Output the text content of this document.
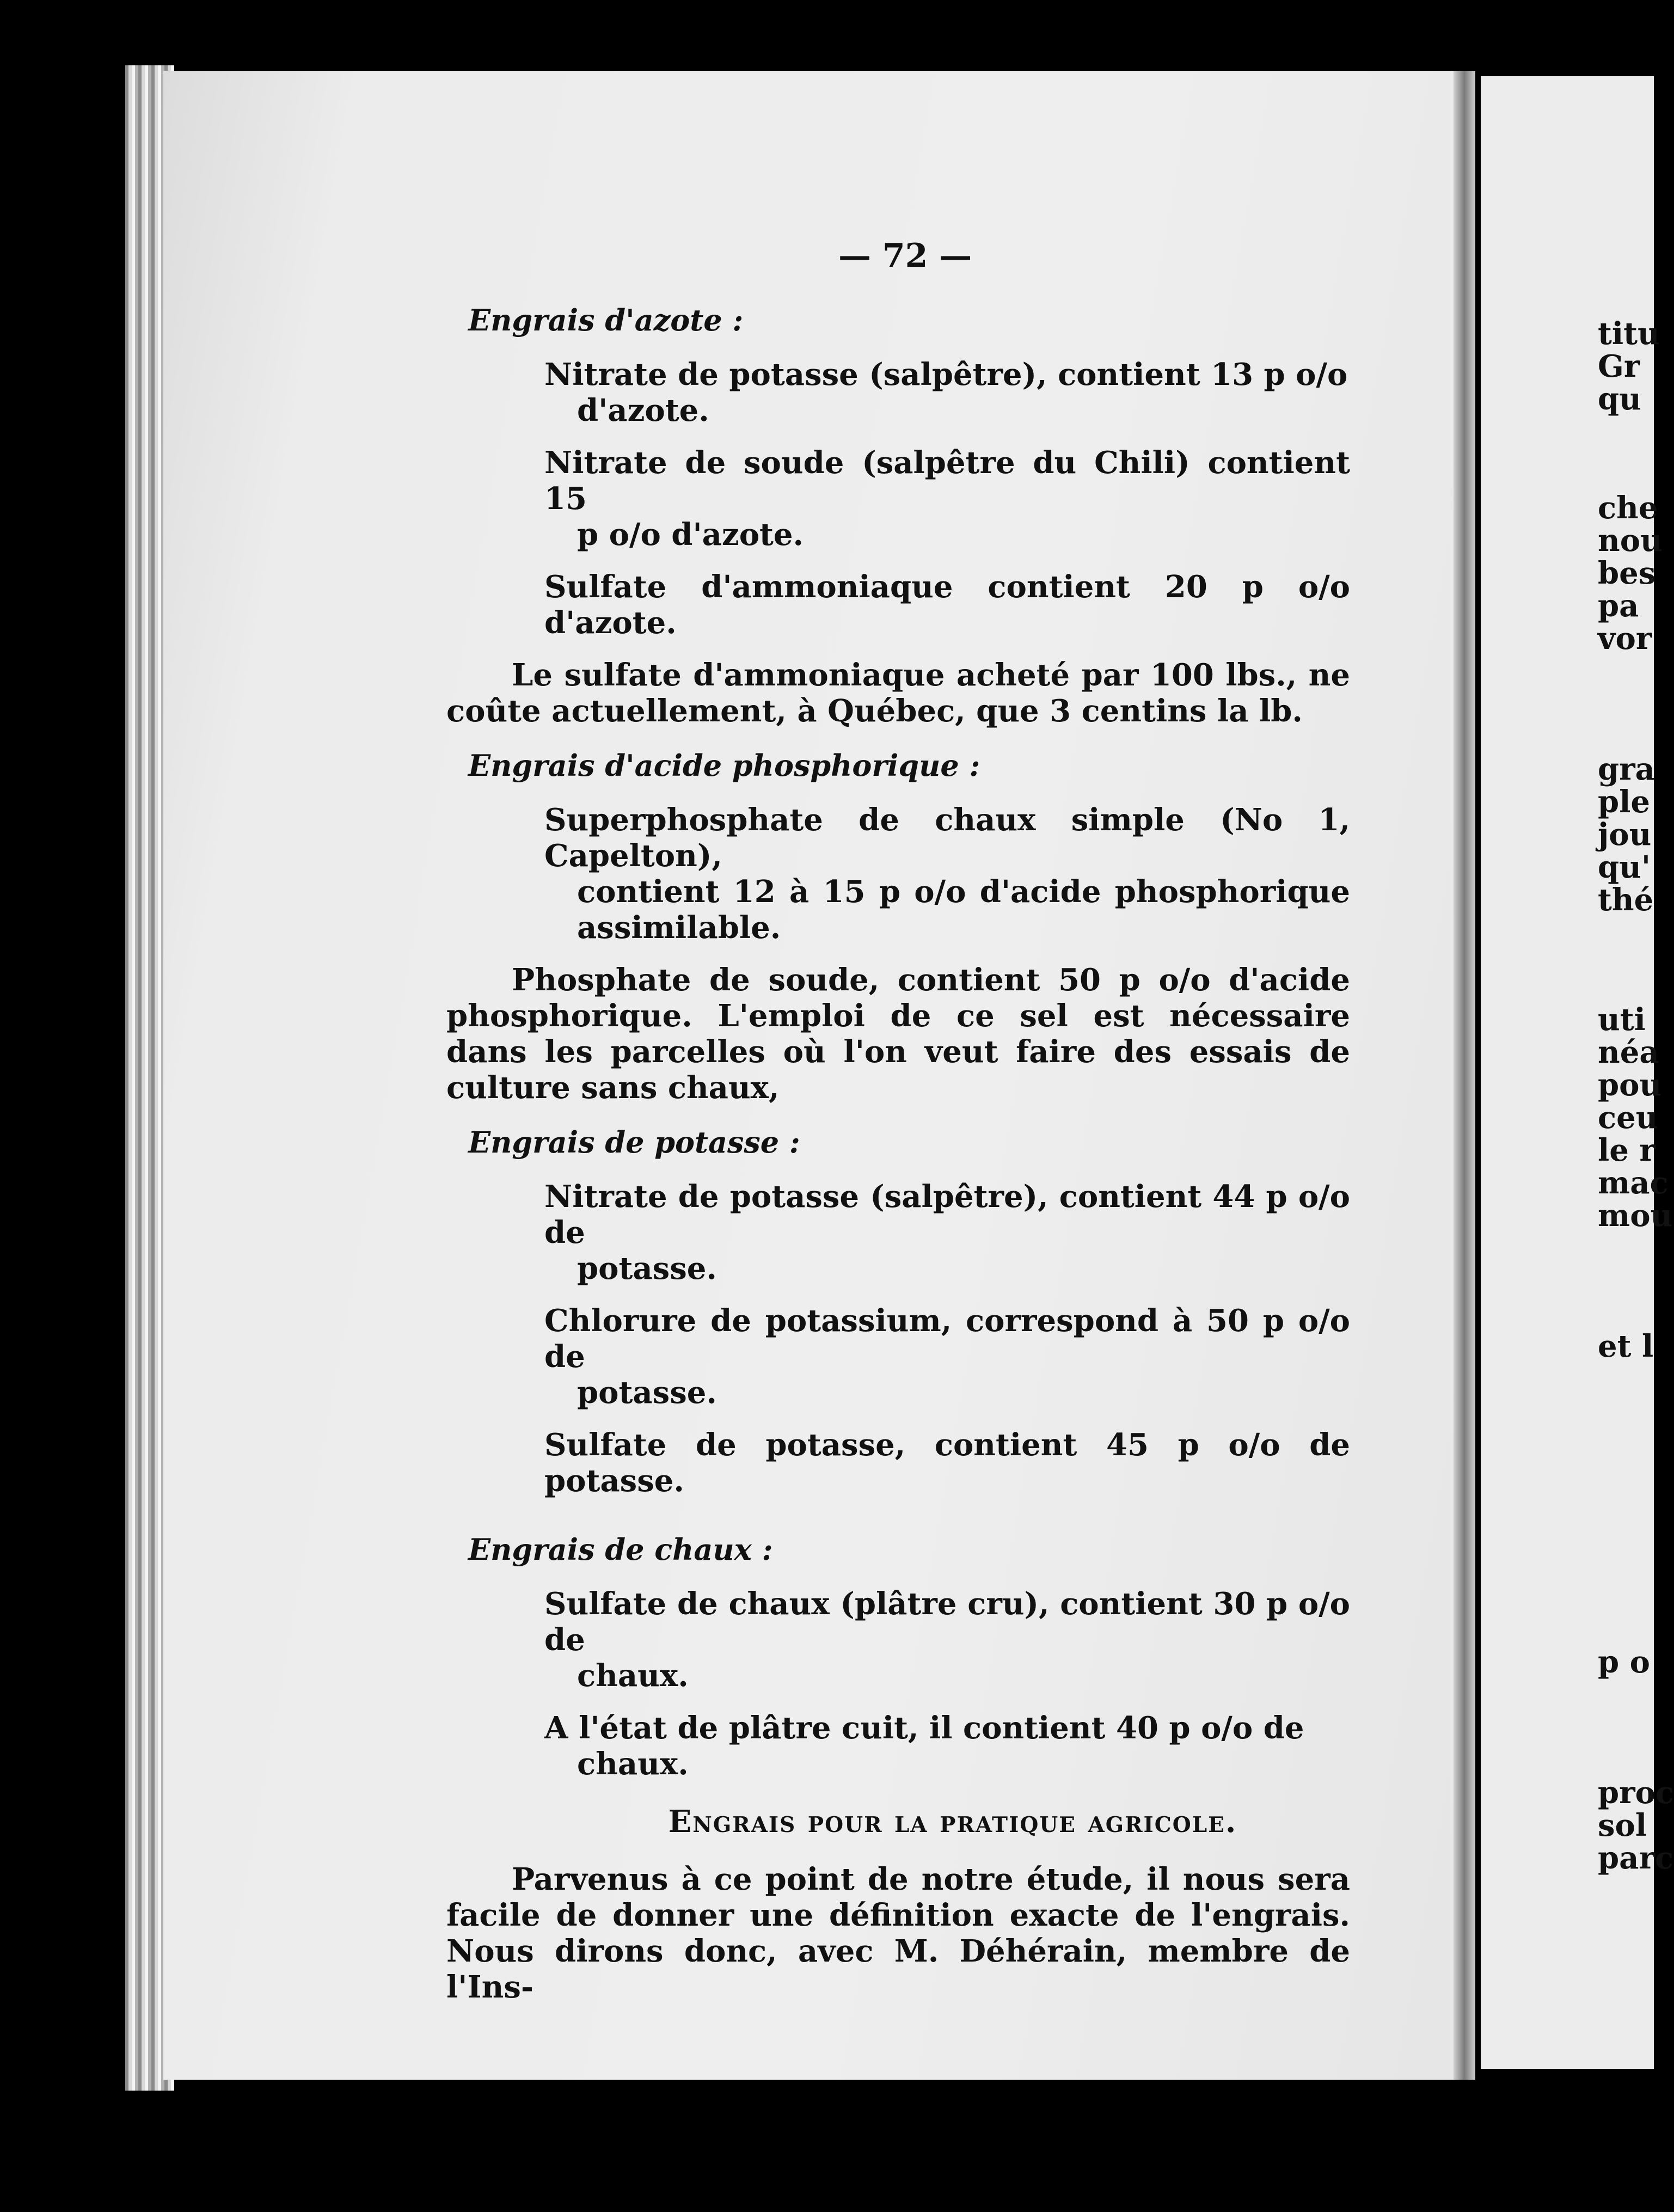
titu
Gr
qu
che
nou
bes
pa
vor
gra
ple
jou
qu'
thé
uti
néa
pou
ceu
le r
mac
mou
et l
p o
proc
sol
parc
— 72 —
Engrais d'azote :
Nitrate de potasse (salpêtre), contient 13 p o/o
d'azote.
Nitrate de soude (salpêtre du Chili) contient 15
p o/o d'azote.
Sulfate d'ammoniaque contient 20 p o/o d'azote.
Le sulfate d'ammoniaque acheté par 100 lbs., ne coûte actuellement, à Québec, que 3 centins la lb.
Engrais d'acide phosphorique :
Superphosphate de chaux simple (No 1, Capelton),
contient 12 à 15 p o/o d'acide phosphorique assimilable.
Phosphate de soude, contient 50 p o/o d'acide phosphorique. L'emploi de ce sel est nécessaire dans les parcelles où l'on veut faire des essais de culture sans chaux,
Engrais de potasse :
Nitrate de potasse (salpêtre), contient 44 p o/o de
potasse.
Chlorure de potassium, correspond à 50 p o/o de
potasse.
Sulfate de potasse, contient 45 p o/o de potasse.
Engrais de chaux :
Sulfate de chaux (plâtre cru), contient 30 p o/o de
chaux.
A l'état de plâtre cuit, il contient 40 p o/o de
chaux.
Engrais pour la pratique agricole.
Parvenus à ce point de notre étude, il nous sera facile de donner une définition exacte de l'engrais. Nous dirons donc, avec M. Déhérain, membre de l'Ins-
